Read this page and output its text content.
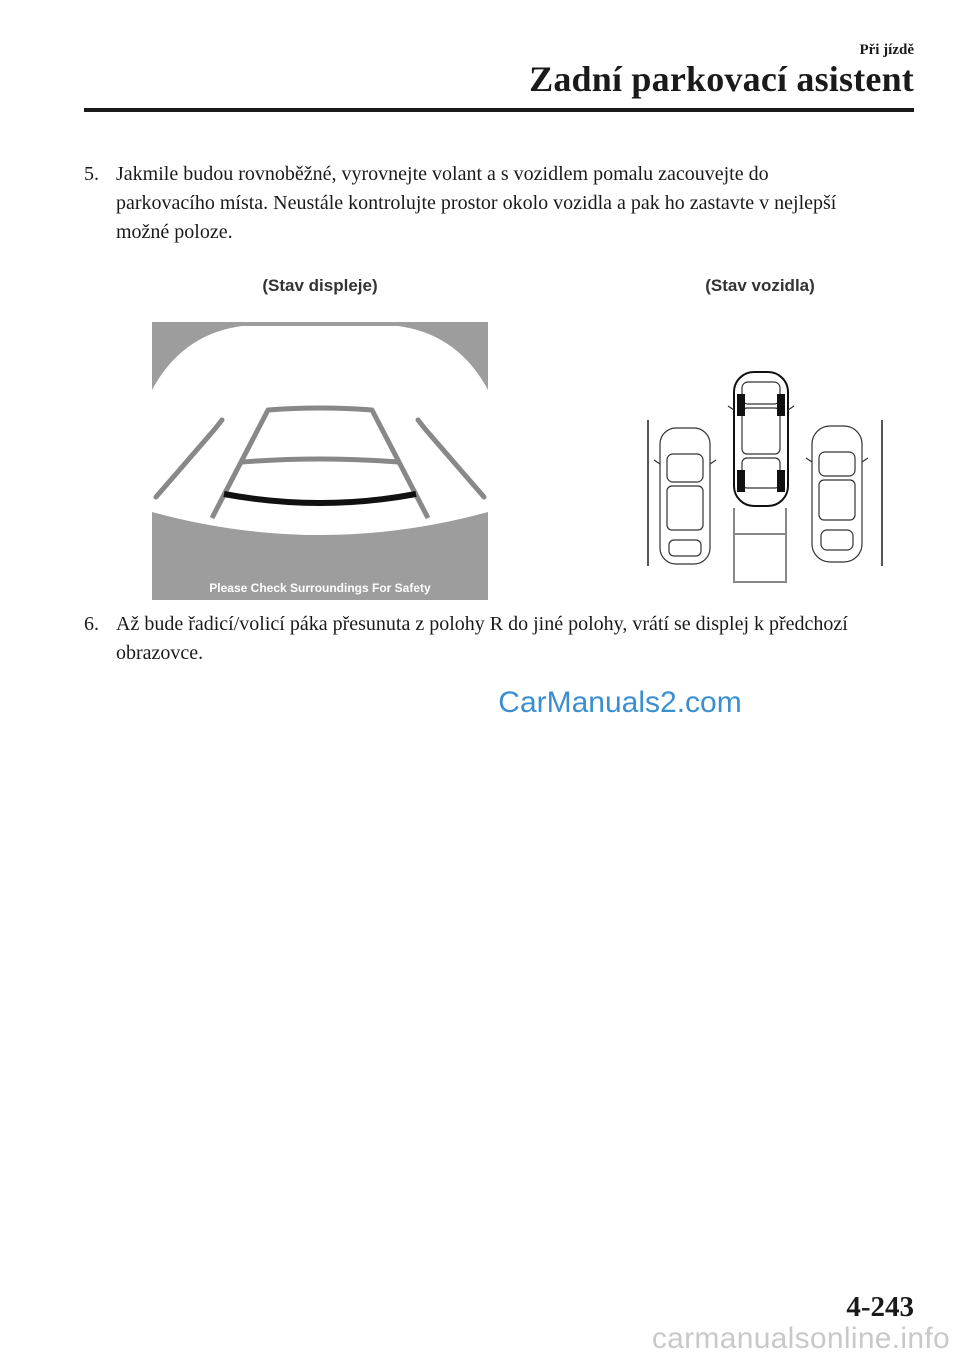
Při jízdě
Zadní parkovací asistent
5. Jakmile budou rovnoběžné, vyrovnejte volant a s vozidlem pomalu zacouvejte do parkovacího místa. Neustále kontrolujte prostor okolo vozidla a pak ho zastavte v nejlepší možné poloze.
(Stav displeje)	(Stav vozidla)
Please Check Surroundings For Safety
6. Až bude řadicí/volicí páka přesunuta z polohy R do jiné polohy, vrátí se displej k předchozí obrazovce.
CarManuals2.com
4-243
carmanualsonline.info
